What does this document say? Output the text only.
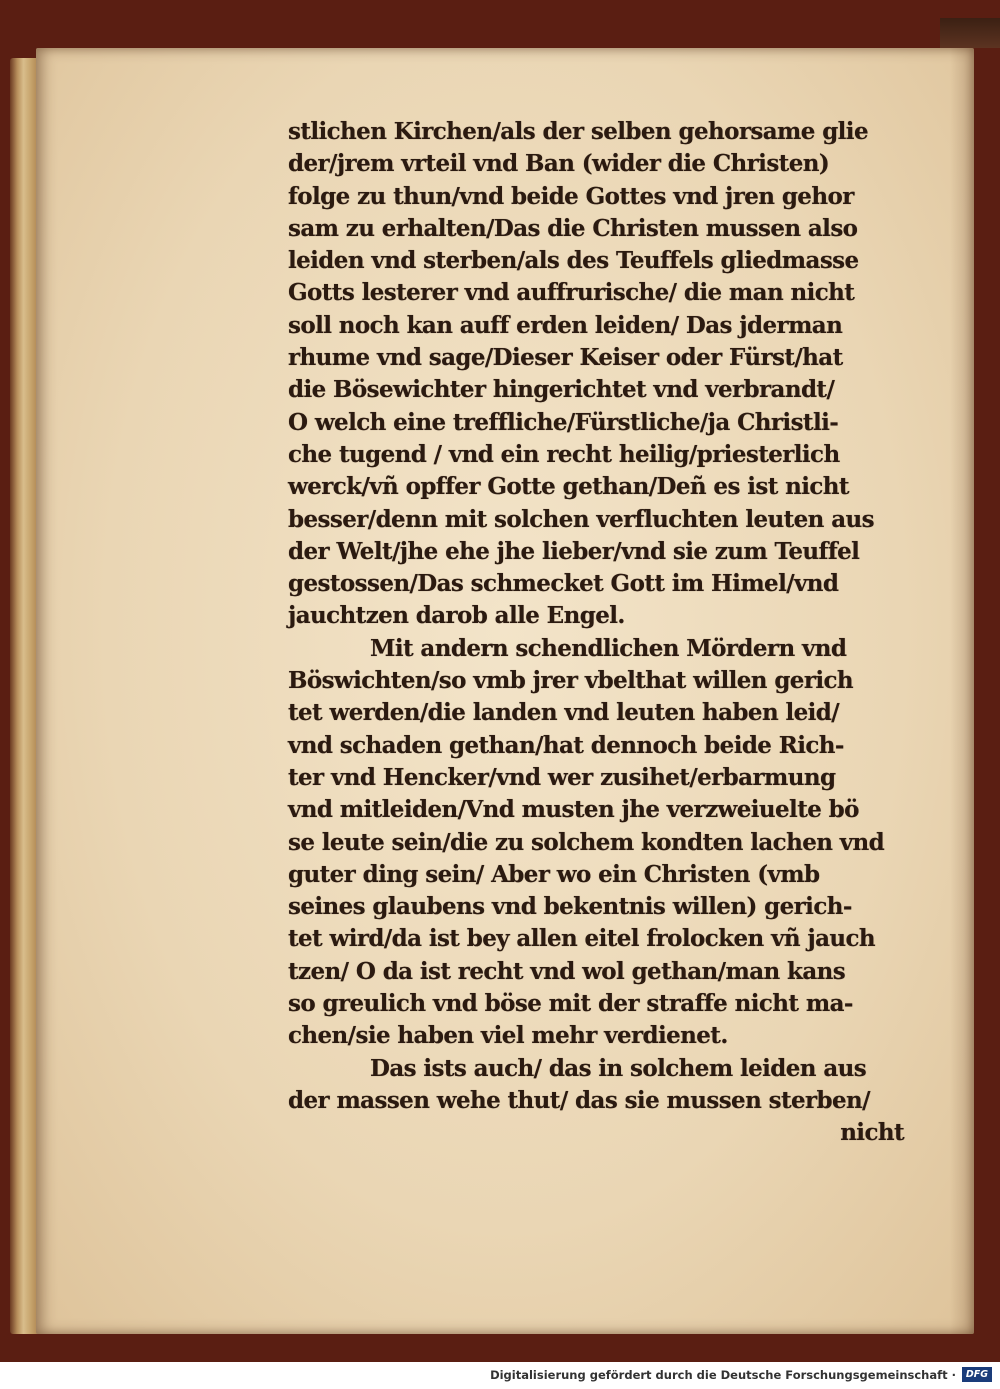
stlichen Kirchen/als der selben gehorsame glie
der/jrem vrteil vnd Ban (wider die Christen)
folge zu thun/vnd beide Gottes vnd jren gehor
sam zu erhalten/Das die Christen mussen also
leiden vnd sterben/als des Teuffels gliedmasse
Gotts lesterer vnd auffrurische/ die man nicht
soll noch kan auff erden leiden/ Das jderman
rhume vnd sage/Dieser Keiser oder Fürst/hat
die Bösewichter hingerichtet vnd verbrandt/
O welch eine treffliche/Fürstliche/ja Christli-
che tugend / vnd ein recht heilig/priesterlich
werck/vñ opffer Gotte gethan/Deñ es ist nicht
besser/denn mit solchen verfluchten leuten aus
der Welt/jhe ehe jhe lieber/vnd sie zum Teuffel
gestossen/Das schmecket Gott im Himel/vnd
jauchtzen darob alle Engel.
Mit andern schendlichen Mördern vnd
Böswichten/so vmb jrer vbelthat willen gerich
tet werden/die landen vnd leuten haben leid/
vnd schaden gethan/hat dennoch beide Rich-
ter vnd Hencker/vnd wer zusihet/erbarmung
vnd mitleiden/Vnd musten jhe verzweiuelte bö
se leute sein/die zu solchem kondten lachen vnd
guter ding sein/ Aber wo ein Christen (vmb
seines glaubens vnd bekentnis willen) gerich-
tet wird/da ist bey allen eitel frolocken vñ jauch
tzen/ O da ist recht vnd wol gethan/man kans
so greulich vnd böse mit der straffe nicht ma-
chen/sie haben viel mehr verdienet.
Das ists auch/ das in solchem leiden aus
der massen wehe thut/ das sie mussen sterben/
nicht
Digitalisierung gefördert durch die Deutsche Forschungsgemeinschaft ·	DFG
